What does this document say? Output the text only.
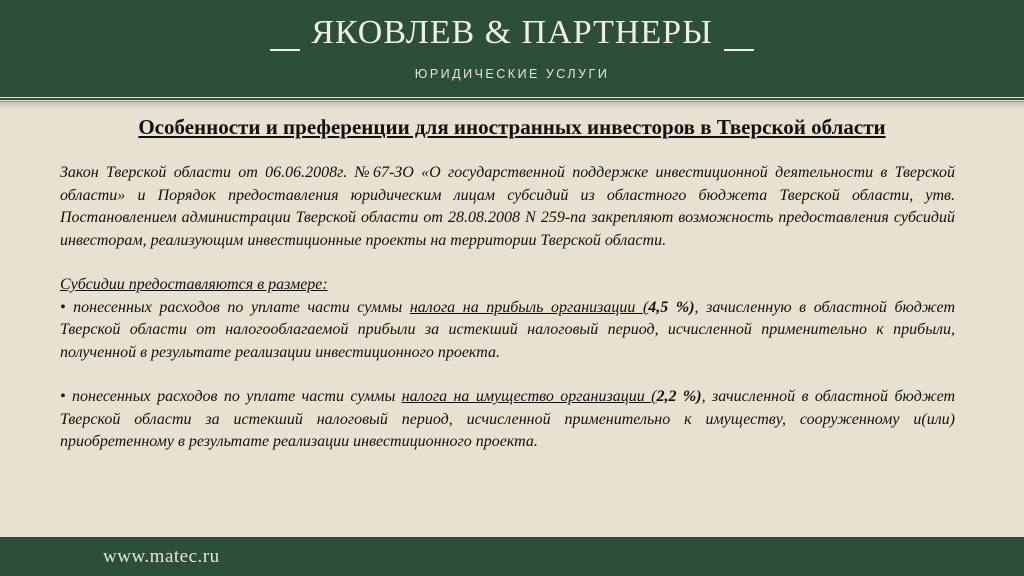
ЯКОВЛЕВ & ПАРТНЕРЫ
ЮРИДИЧЕСКИЕ УСЛУГИ
Особенности и преференции для иностранных инвесторов в Тверской области

Закон Тверской области от 06.06.2008г. №67-ЗО «О государственной поддержке инвестиционной деятельности в Тверской области» и Порядок предоставления юридическим лицам субсидий из областного бюджета Тверской области, утв. Постановлением администрации Тверской области от 28.08.2008 N 259-па закрепляют возможность предоставления субсидий инвесторам, реализующим инвестиционные проекты на территории Тверской области.

Субсидии предоставляются в размере:

• понесенных расходов по уплате части суммы налога на прибыль организации (4,5 %), зачисленную в областной бюджет Тверской области от налогооблагаемой прибыли за истекший налоговый период, исчисленной применительно к прибыли, полученной в результате реализации инвестиционного проекта.

• понесенных расходов по уплате части суммы налога на имущество организации (2,2 %), зачисленной в областной бюджет Тверской области за истекший налоговый период, исчисленной применительно к имуществу, сооруженному и(или) приобретенному в результате реализации инвестиционного проекта.

www.matec.ru
